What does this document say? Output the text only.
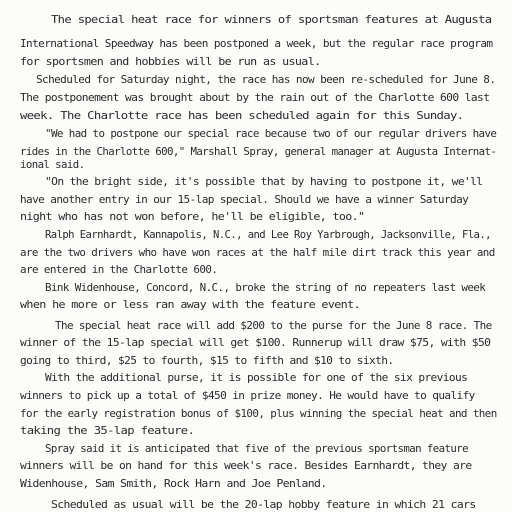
The special heat race for winners of sportsman features at Augusta
International Speedway has been postponed a week, but the regular race program
for sportsmen and hobbies will be run as usual.
Scheduled for Saturday night, the race has now been re-scheduled for June 8.
The postponement was brought about by the rain out of the Charlotte 600 last
week. The Charlotte race has been scheduled again for this Sunday.
"We had to postpone our special race because two of our regular drivers have
rides in the Charlotte 600," Marshall Spray, general manager at Augusta Internat-
ional said.
"On the bright side, it's possible that by having to postpone it, we'll
have another entry in our 15-lap special. Should we have a winner Saturday
night who has not won before, he'll be eligible, too."
Ralph Earnhardt, Kannapolis, N.C., and Lee Roy Yarbrough, Jacksonville, Fla.,
are the two drivers who have won races at the half mile dirt track this year and
are entered in the Charlotte 600.
Bink Widenhouse, Concord, N.C., broke the string of no repeaters last week
when he more or less ran away with the feature event.
The special heat race will add $200 to the purse for the June 8 race. The
winner of the 15-lap special will get $100. Runnerup will draw $75, with $50
going to third, $25 to fourth, $15 to fifth and $10 to sixth.
With the additional purse, it is possible for one of the six previous
winners to pick up a total of $450 in prize money. He would have to qualify
for the early registration bonus of $100, plus winning the special heat and then
taking the 35-lap feature.
Spray said it is anticipated that five of the previous sportsman feature
winners will be on hand for this week's race. Besides Earnhardt, they are
Widenhouse, Sam Smith, Rock Harn and Joe Penland.
Scheduled as usual will be the 20-lap hobby feature in which 21 cars
